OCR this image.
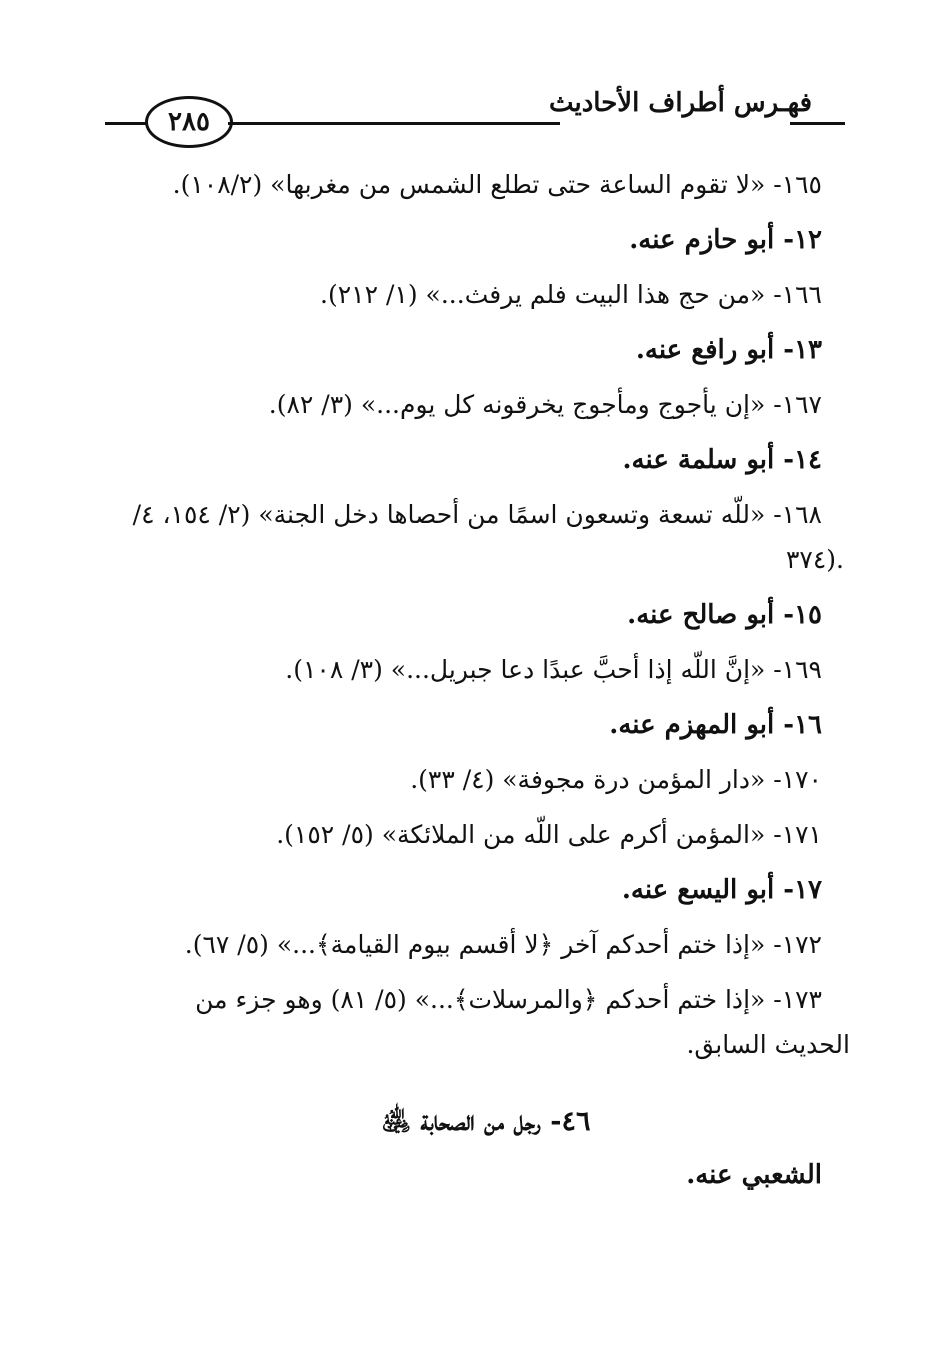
فهـرس أطراف الأحاديث
٢٨٥
١٦٥- «لا تقوم الساعة حتى تطلع الشمس من مغربها» (١٠٨/٢).
١٢- أبو حازم عنه.
١٦٦- «من حج هذا البيت فلم يرفث...» (١/ ٢١٢).
١٣- أبو رافع عنه.
١٦٧- «إن يأجوج ومأجوج يخرقونه كل يوم...» (٣/ ٨٢).
١٤- أبو سلمة عنه.
١٦٨- «للّه تسعة وتسعون اسمًا من أحصاها دخل الجنة» (٢/ ١٥٤، ٤/
٣٧٤).
١٥- أبو صالح عنه.
١٦٩- «إنَّ اللّه إذا أحبَّ عبدًا دعا جبريل...» (٣/ ١٠٨).
١٦- أبو المهزم عنه.
١٧٠- «دار المؤمن درة مجوفة» (٤/ ٣٣).
١٧١- «المؤمن أكرم على اللّه من الملائكة» (٥/ ١٥٢).
١٧- أبو اليسع عنه.
١٧٢- «إذا ختم أحدكم آخر ﴿لا أقسم بيوم القيامة﴾...» (٥/ ٦٧).
١٧٣- «إذا ختم أحدكم ﴿والمرسلات﴾...» (٥/ ٨١) وهو جزء من
الحديث السابق.
٤٦- رجل من الصحابة ﵁
الشعبي عنه.
